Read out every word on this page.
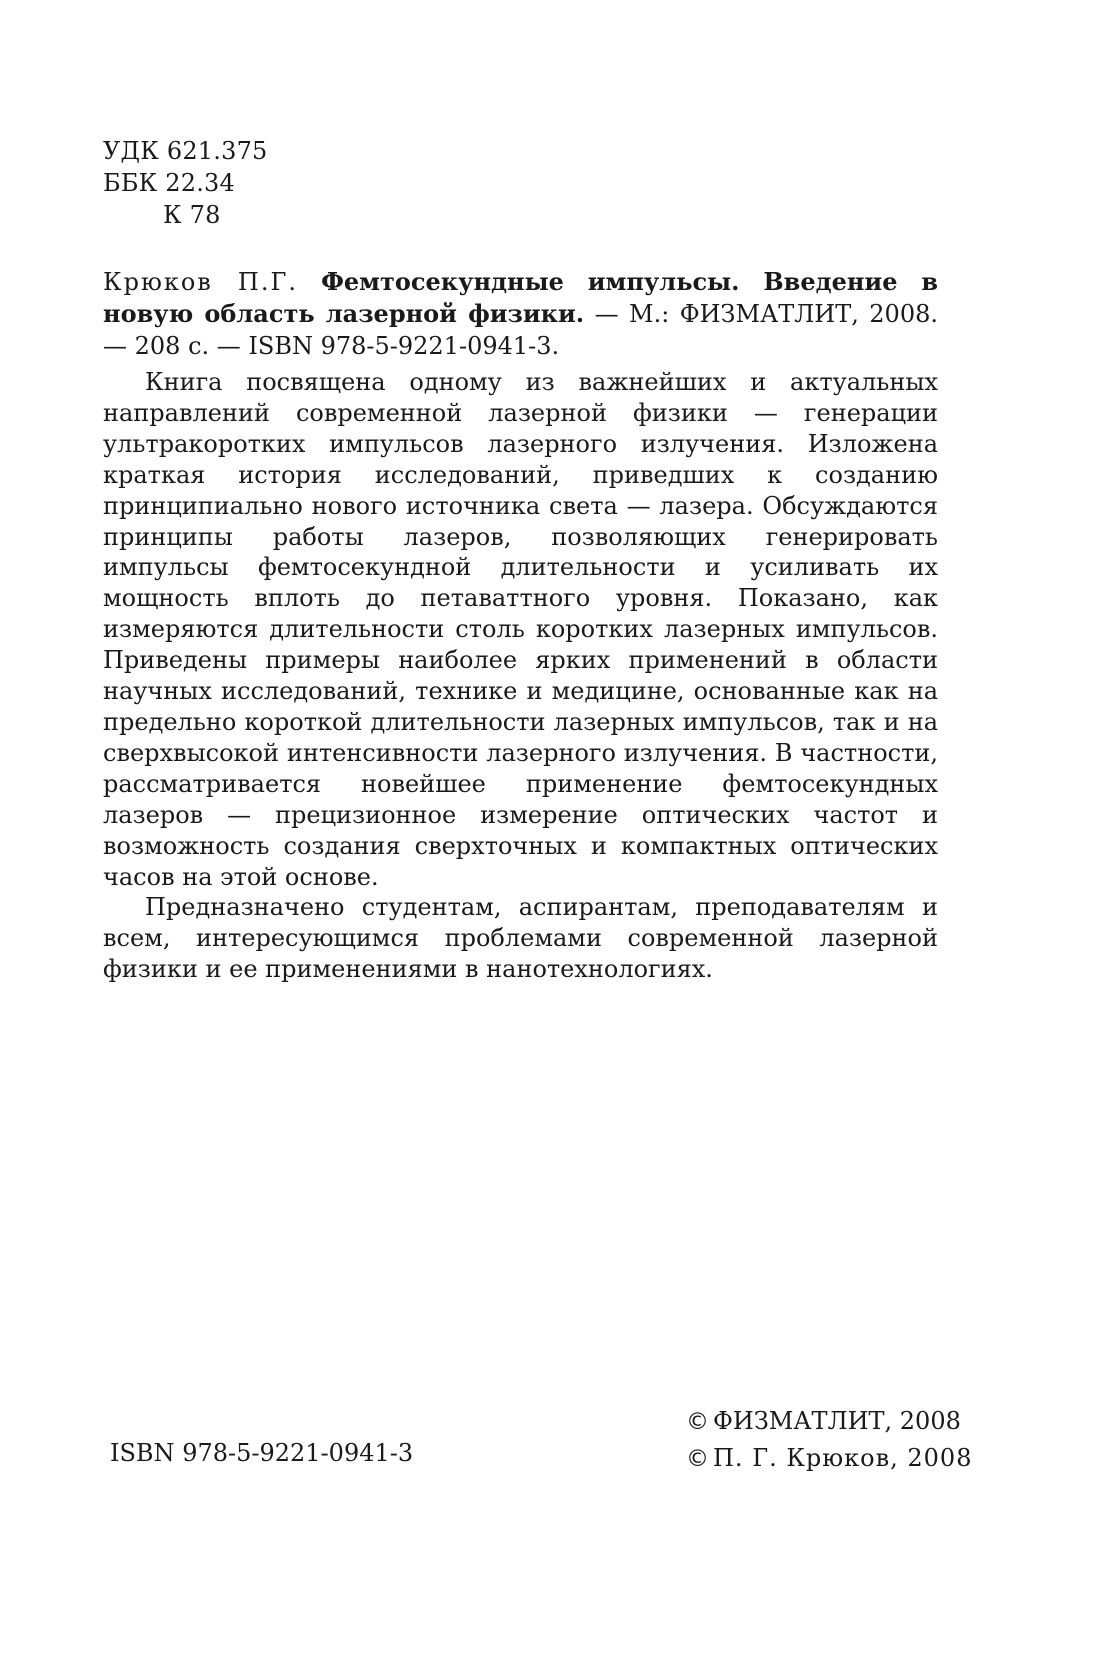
УДК 621.375
ББК 22.34
К 78
Крюков П.Г. Фемтосекундные импульсы. Введение в новую область лазерной физики. — М.: ФИЗМАТЛИТ, 2008. — 208 с. — ISBN 978-5-9221-0941-3.

Книга посвящена одному из важнейших и актуальных направлений современной лазерной физики — генерации ультракоротких импульсов лазерного излучения. Изложена краткая история исследований, приведших к созданию принципиально нового источника света — лазера. Обсуждаются принципы работы лазеров, позволяющих генерировать импульсы фемтосекундной длительности и усиливать их мощность вплоть до петаваттного уровня. Показано, как измеряются длительности столь коротких лазерных импульсов. Приведены примеры наиболее ярких применений в области научных исследований, технике и медицине, основанные как на предельно короткой длительности лазерных импульсов, так и на сверхвысокой интенсивности лазерного излучения. В частности, рассматривается новейшее применение фемтосекундных лазеров — прецизионное измерение оптических частот и возможность создания сверхточных и компактных оптических часов на этой основе.

Предназначено студентам, аспирантам, преподавателям и всем, интересующимся проблемами современной лазерной физики и ее применениями в нанотехнологиях.

ISBN 978-5-9221-0941-3
© ФИЗМАТЛИТ, 2008
© П. Г. Крюков, 2008
